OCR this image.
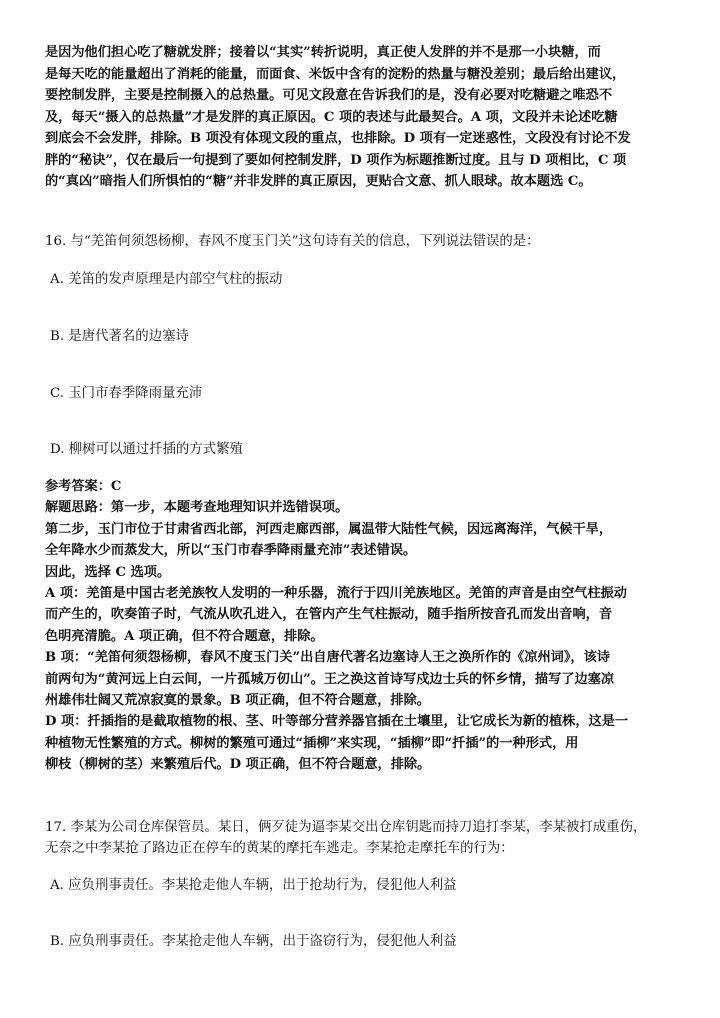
是因为他们担心吃了糖就发胖；接着以“其实”转折说明，真正使人发胖的并不是那一小块糖，而
是每天吃的能量超出了消耗的能量，而面食、米饭中含有的淀粉的热量与糖没差别；最后给出建议，
要控制发胖，主要是控制摄入的总热量。可见文段意在告诉我们的是，没有必要对吃糖避之唯恐不
及，每天“摄入的总热量”才是发胖的真正原因。C 项的表述与此最契合。A 项，文段并未论述吃糖
到底会不会发胖，排除。B 项没有体现文段的重点，也排除。D 项有一定迷惑性，文段没有讨论不发
胖的“秘诀”，仅在最后一句提到了要如何控制发胖，D 项作为标题推断过度。且与 D 项相比，C 项
的“真凶”暗指人们所惧怕的“糖”并非发胖的真正原因，更贴合文意、抓人眼球。故本题选 C。

16. 与“羌笛何须怨杨柳，春风不度玉门关”这句诗有关的信息，下列说法错误的是：

A. 羌笛的发声原理是内部空气柱的振动

B. 是唐代著名的边塞诗

C. 玉门市春季降雨量充沛

D. 柳树可以通过扦插的方式繁殖

参考答案：C
解题思路：第一步，本题考查地理知识并选错误项。
第二步，玉门市位于甘肃省西北部，河西走廊西部，属温带大陆性气候，因远离海洋，气候干旱，
全年降水少而蒸发大，所以“玉门市春季降雨量充沛”表述错误。
因此，选择 C 选项。
A 项：羌笛是中国古老羌族牧人发明的一种乐器，流行于四川羌族地区。羌笛的声音是由空气柱振动
而产生的，吹奏笛子时，气流从吹孔进入，在管内产生气柱振动，随手指所按音孔而发出音响，音
色明亮清脆。A 项正确，但不符合题意，排除。
B 项：“羌笛何须怨杨柳，春风不度玉门关”出自唐代著名边塞诗人王之涣所作的《凉州词》，该诗
前两句为“黄河远上白云间，一片孤城万仞山”。王之涣这首诗写戍边士兵的怀乡情，描写了边塞凉
州雄伟壮阔又荒凉寂寞的景象。B 项正确，但不符合题意，排除。
D 项：扦插指的是截取植物的根、茎、叶等部分营养器官插在土壤里，让它成长为新的植株，这是一
种植物无性繁殖的方式。柳树的繁殖可通过“插柳”来实现，“插柳”即“扦插”的一种形式，用
柳枝（柳树的茎）来繁殖后代。D 项正确，但不符合题意，排除。
17. 李某为公司仓库保管员。某日，俩歹徒为逼李某交出仓库钥匙而持刀追打李某，李某被打成重伤，
无奈之中李某抢了路边正在停车的黄某的摩托车逃走。李某抢走摩托车的行为：

A. 应负刑事责任。李某抢走他人车辆，出于抢劫行为，侵犯他人利益

B. 应负刑事责任。李某抢走他人车辆，出于盗窃行为，侵犯他人利益
